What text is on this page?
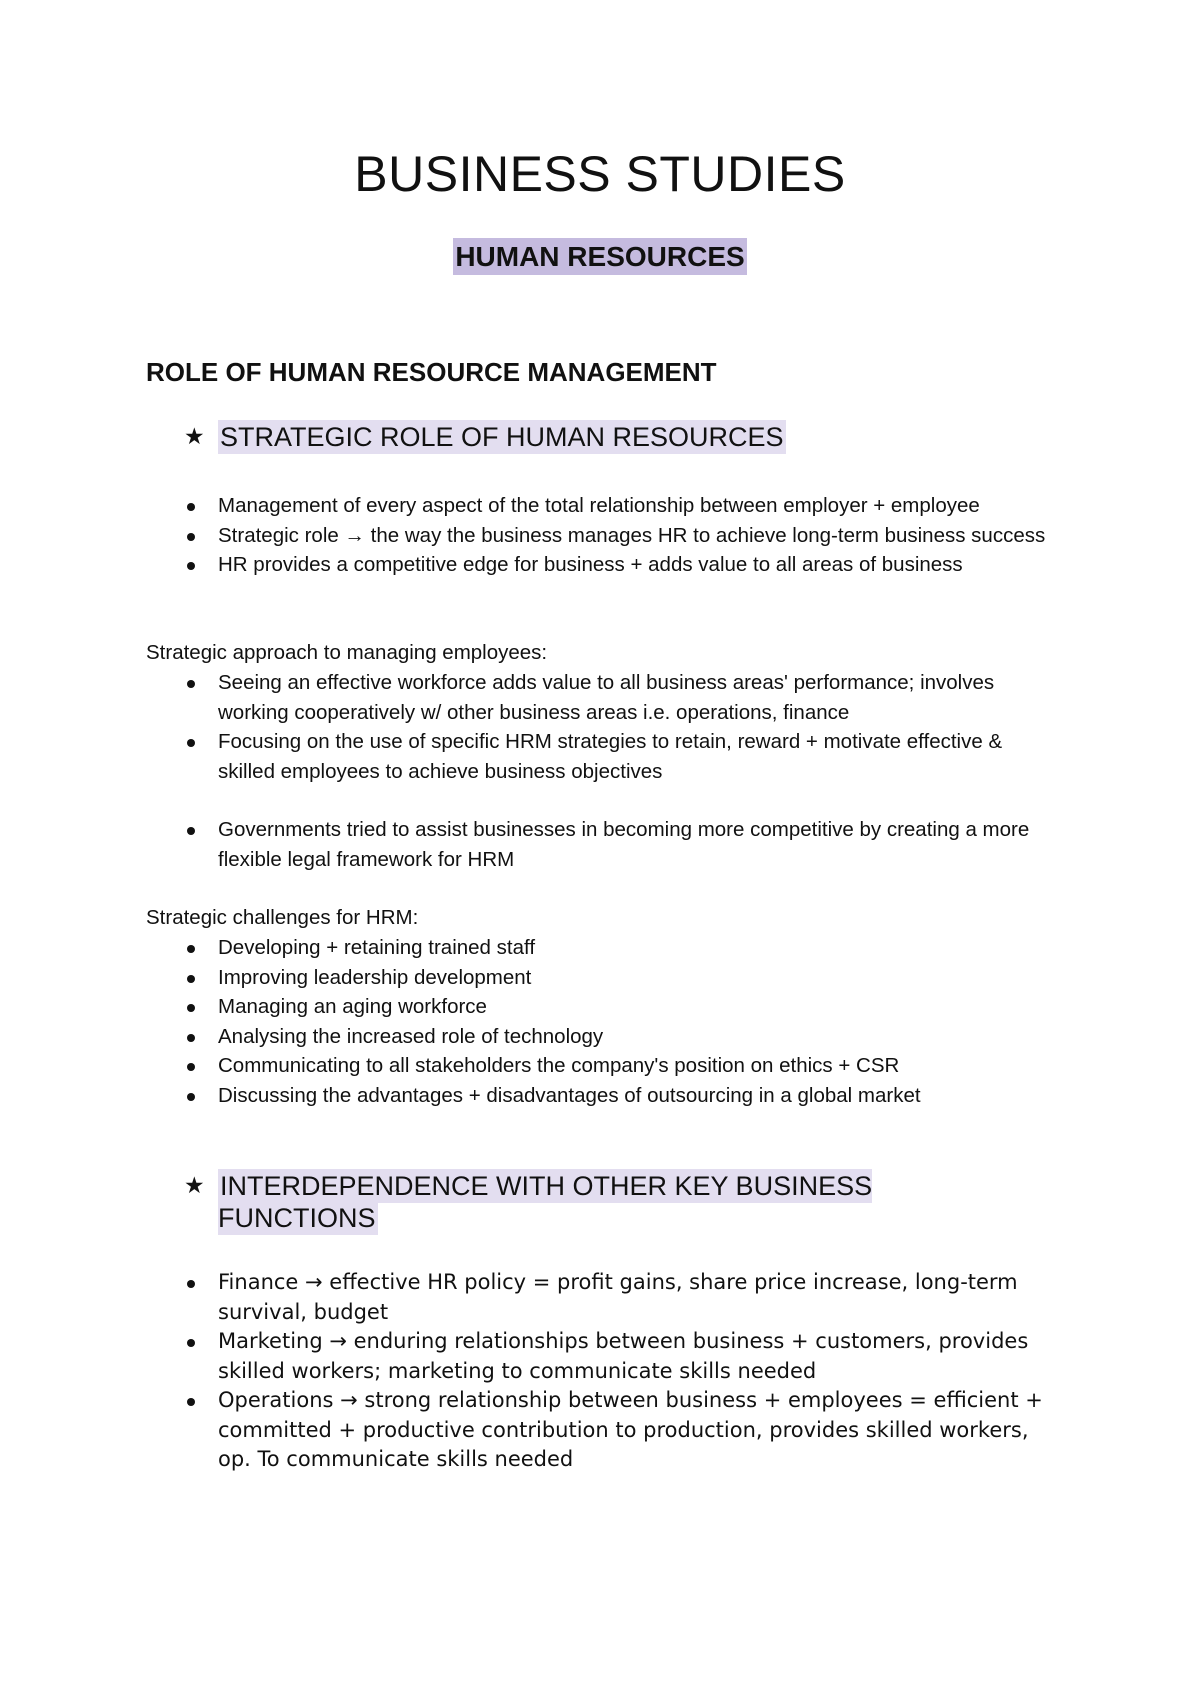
BUSINESS STUDIES
HUMAN RESOURCES
ROLE OF HUMAN RESOURCE MANAGEMENT
★ STRATEGIC ROLE OF HUMAN RESOURCES
Management of every aspect of the total relationship between employer + employee
Strategic role → the way the business manages HR to achieve long-term business success
HR provides a competitive edge for business + adds value to all areas of business
Strategic approach to managing employees:
Seeing an effective workforce adds value to all business areas' performance; involves working cooperatively w/ other business areas i.e. operations, finance
Focusing on the use of specific HRM strategies to retain, reward + motivate effective & skilled employees to achieve business objectives
Governments tried to assist businesses in becoming more competitive by creating a more flexible legal framework for HRM
Strategic challenges for HRM:
Developing + retaining trained staff
Improving leadership development
Managing an aging workforce
Analysing the increased role of technology
Communicating to all stakeholders the company's position on ethics + CSR
Discussing the advantages + disadvantages of outsourcing in a global market
★ INTERDEPENDENCE WITH OTHER KEY BUSINESS FUNCTIONS
Finance → effective HR policy = profit gains, share price increase, long-term survival, budget
Marketing → enduring relationships between business + customers, provides skilled workers; marketing to communicate skills needed
Operations → strong relationship between business + employees = efficient + committed + productive contribution to production, provides skilled workers, op. To communicate skills needed
